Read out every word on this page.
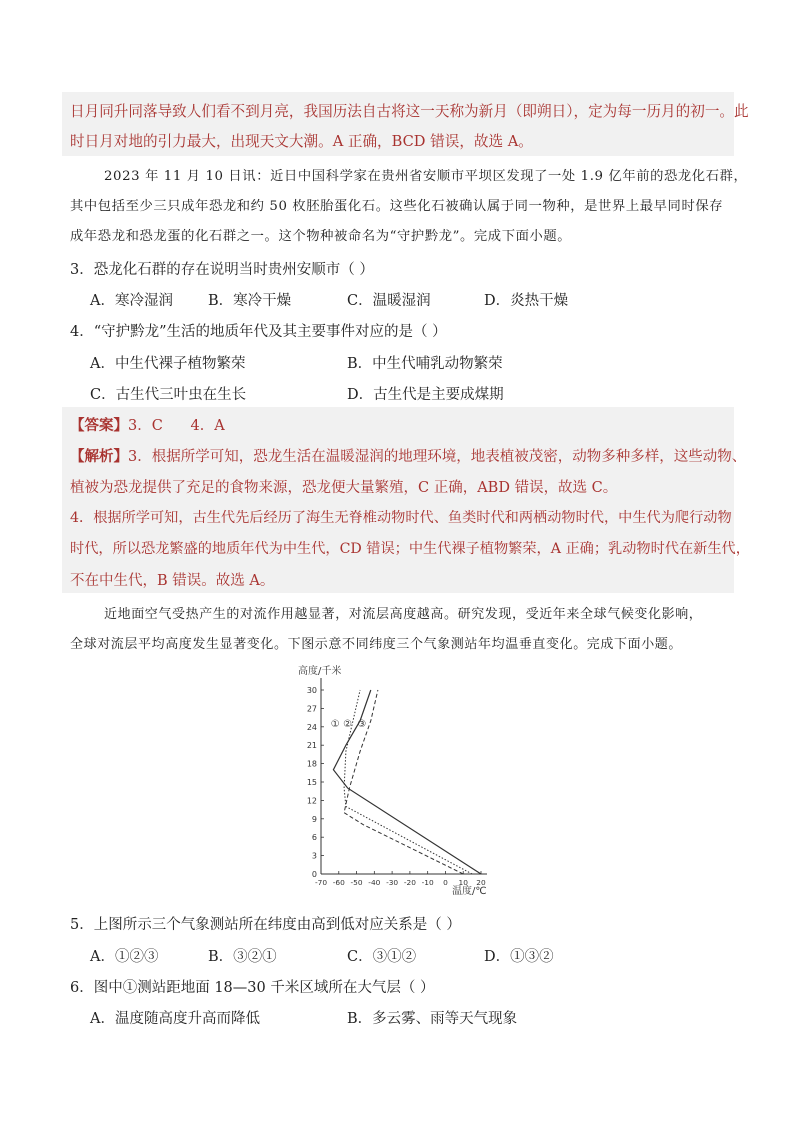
日月同升同落导致人们看不到月亮，我国历法自古将这一天称为新月（即朔日），定为每一历月的初一。此
时日月对地的引力最大，出现天文大潮。A 正确，BCD 错误，故选 A。
2023 年 11 月 10 日讯：近日中国科学家在贵州省安顺市平坝区发现了一处 1.9 亿年前的恐龙化石群，
其中包括至少三只成年恐龙和约 50 枚胚胎蛋化石。这些化石被确认属于同一物种，是世界上最早同时保存
成年恐龙和恐龙蛋的化石群之一。这个物种被命名为“守护黔龙”。完成下面小题。
3．恐龙化石群的存在说明当时贵州安顺市（ ）
A．寒冷湿润 B．寒冷干燥	C．温暖湿润	D．炎热干燥
4．“守护黔龙”生活的地质年代及其主要事件对应的是（ ）
A．中生代裸子植物繁荣	B．中生代哺乳动物繁荣
C．古生代三叶虫在生长	D．古生代是主要成煤期
【答案】3．C      4．A
【解析】3．根据所学可知，恐龙生活在温暖湿润的地理环境，地表植被茂密，动物多种多样，这些动物、
植被为恐龙提供了充足的食物来源，恐龙便大量繁殖，C 正确，ABD 错误，故选 C。
4．根据所学可知，古生代先后经历了海生无脊椎动物时代、鱼类时代和两栖动物时代，中生代为爬行动物
时代，所以恐龙繁盛的地质年代为中生代，CD 错误；中生代裸子植物繁荣，A 正确；乳动物时代在新生代，
不在中生代，B 错误。故选 A。
近地面空气受热产生的对流作用越显著，对流层高度越高。研究发现，受近年来全球气候变化影响，
全球对流层平均高度发生显著变化。下图示意不同纬度三个气象测站年均温垂直变化。完成下面小题。
0
3
6
9
12
15
18
21
24
27
30
-70 -60 -50 -40 -30 -20 -10 0 10 20
高度/千米
温度/℃
① ② ③
5．上图所示三个气象测站所在纬度由高到低对应关系是（ ）
A．①②③	B．③②①	C．③①②	D．①③②
6．图中①测站距地面 18—30 千米区域所在大气层（ ）
A．温度随高度升高而降低	B．多云雾、雨等天气现象
